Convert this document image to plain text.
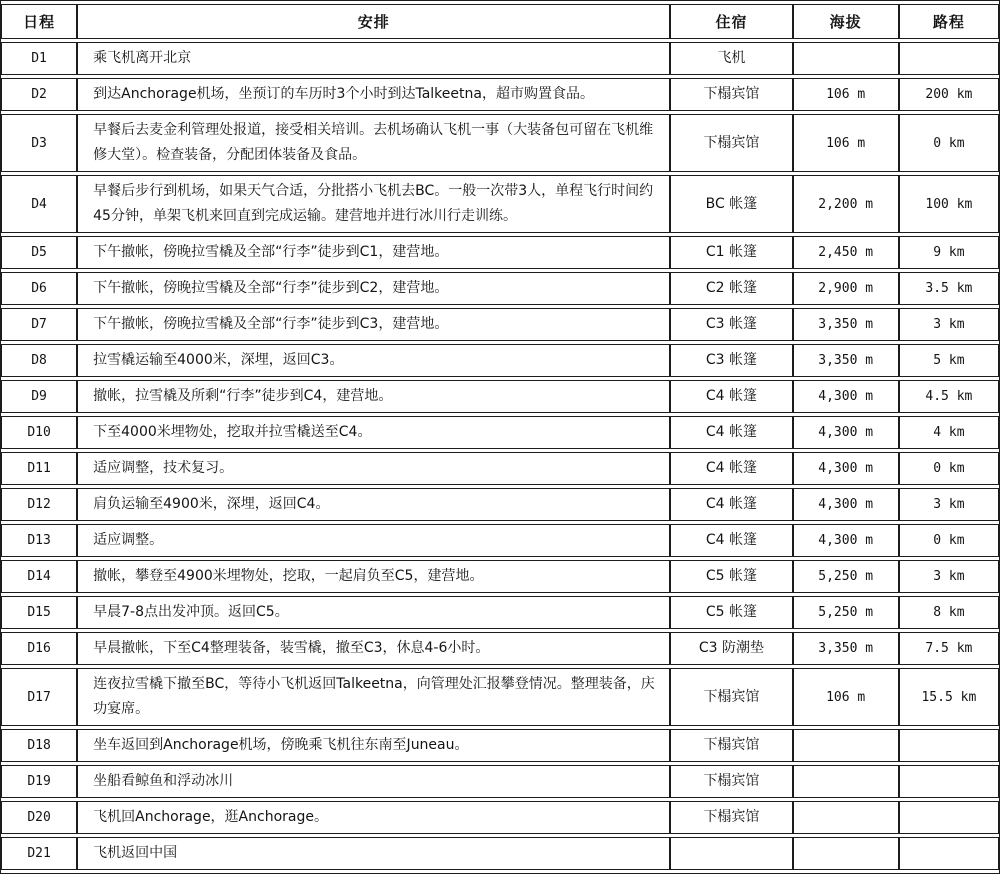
日程	安排	住宿	海拔	路程
D1	乘飞机离开北京	飞机		
D2	到达Anchorage机场，坐预订的车历时3个小时到达Talkeetna，超市购置食品。	下榻宾馆	106 m	200 km
D3	早餐后去麦金利管理处报道，接受相关培训。去机场确认飞机一事（大装备包可留在飞机维修大堂）。检查装备，分配团体装备及食品。	下榻宾馆	106 m	0 km
D4	早餐后步行到机场，如果天气合适，分批搭小飞机去BC。一般一次带3人，单程飞行时间约45分钟，单架飞机来回直到完成运输。建营地并进行冰川行走训练。	BC 帐篷	2,200 m	100 km
D5	下午撤帐，傍晚拉雪橇及全部“行李”徒步到C1，建营地。	C1 帐篷	2,450 m	9 km
D6	下午撤帐，傍晚拉雪橇及全部“行李”徒步到C2，建营地。	C2 帐篷	2,900 m	3.5 km
D7	下午撤帐，傍晚拉雪橇及全部“行李”徒步到C3，建营地。	C3 帐篷	3,350 m	3 km
D8	拉雪橇运输至4000米，深埋，返回C3。	C3 帐篷	3,350 m	5 km
D9	撤帐，拉雪橇及所剩“行李”徒步到C4，建营地。	C4 帐篷	4,300 m	4.5 km
D10	下至4000米埋物处，挖取并拉雪橇送至C4。	C4 帐篷	4,300 m	4 km
D11	适应调整，技术复习。	C4 帐篷	4,300 m	0 km
D12	肩负运输至4900米，深埋，返回C4。	C4 帐篷	4,300 m	3 km
D13	适应调整。	C4 帐篷	4,300 m	0 km
D14	撤帐，攀登至4900米埋物处，挖取，一起肩负至C5，建营地。	C5 帐篷	5,250 m	3 km
D15	早晨7-8点出发冲顶。返回C5。	C5 帐篷	5,250 m	8 km
D16	早晨撤帐，下至C4整理装备，装雪橇，撤至C3，休息4-6小时。	C3 防潮垫	3,350 m	7.5 km
D17	连夜拉雪橇下撤至BC，等待小飞机返回Talkeetna，向管理处汇报攀登情况。整理装备，庆功宴席。	下榻宾馆	106 m	15.5 km
D18	坐车返回到Anchorage机场，傍晚乘飞机往东南至Juneau。	下榻宾馆		
D19	坐船看鲸鱼和浮动冰川	下榻宾馆		
D20	飞机回Anchorage，逛Anchorage。	下榻宾馆		
D21	飞机返回中国			
